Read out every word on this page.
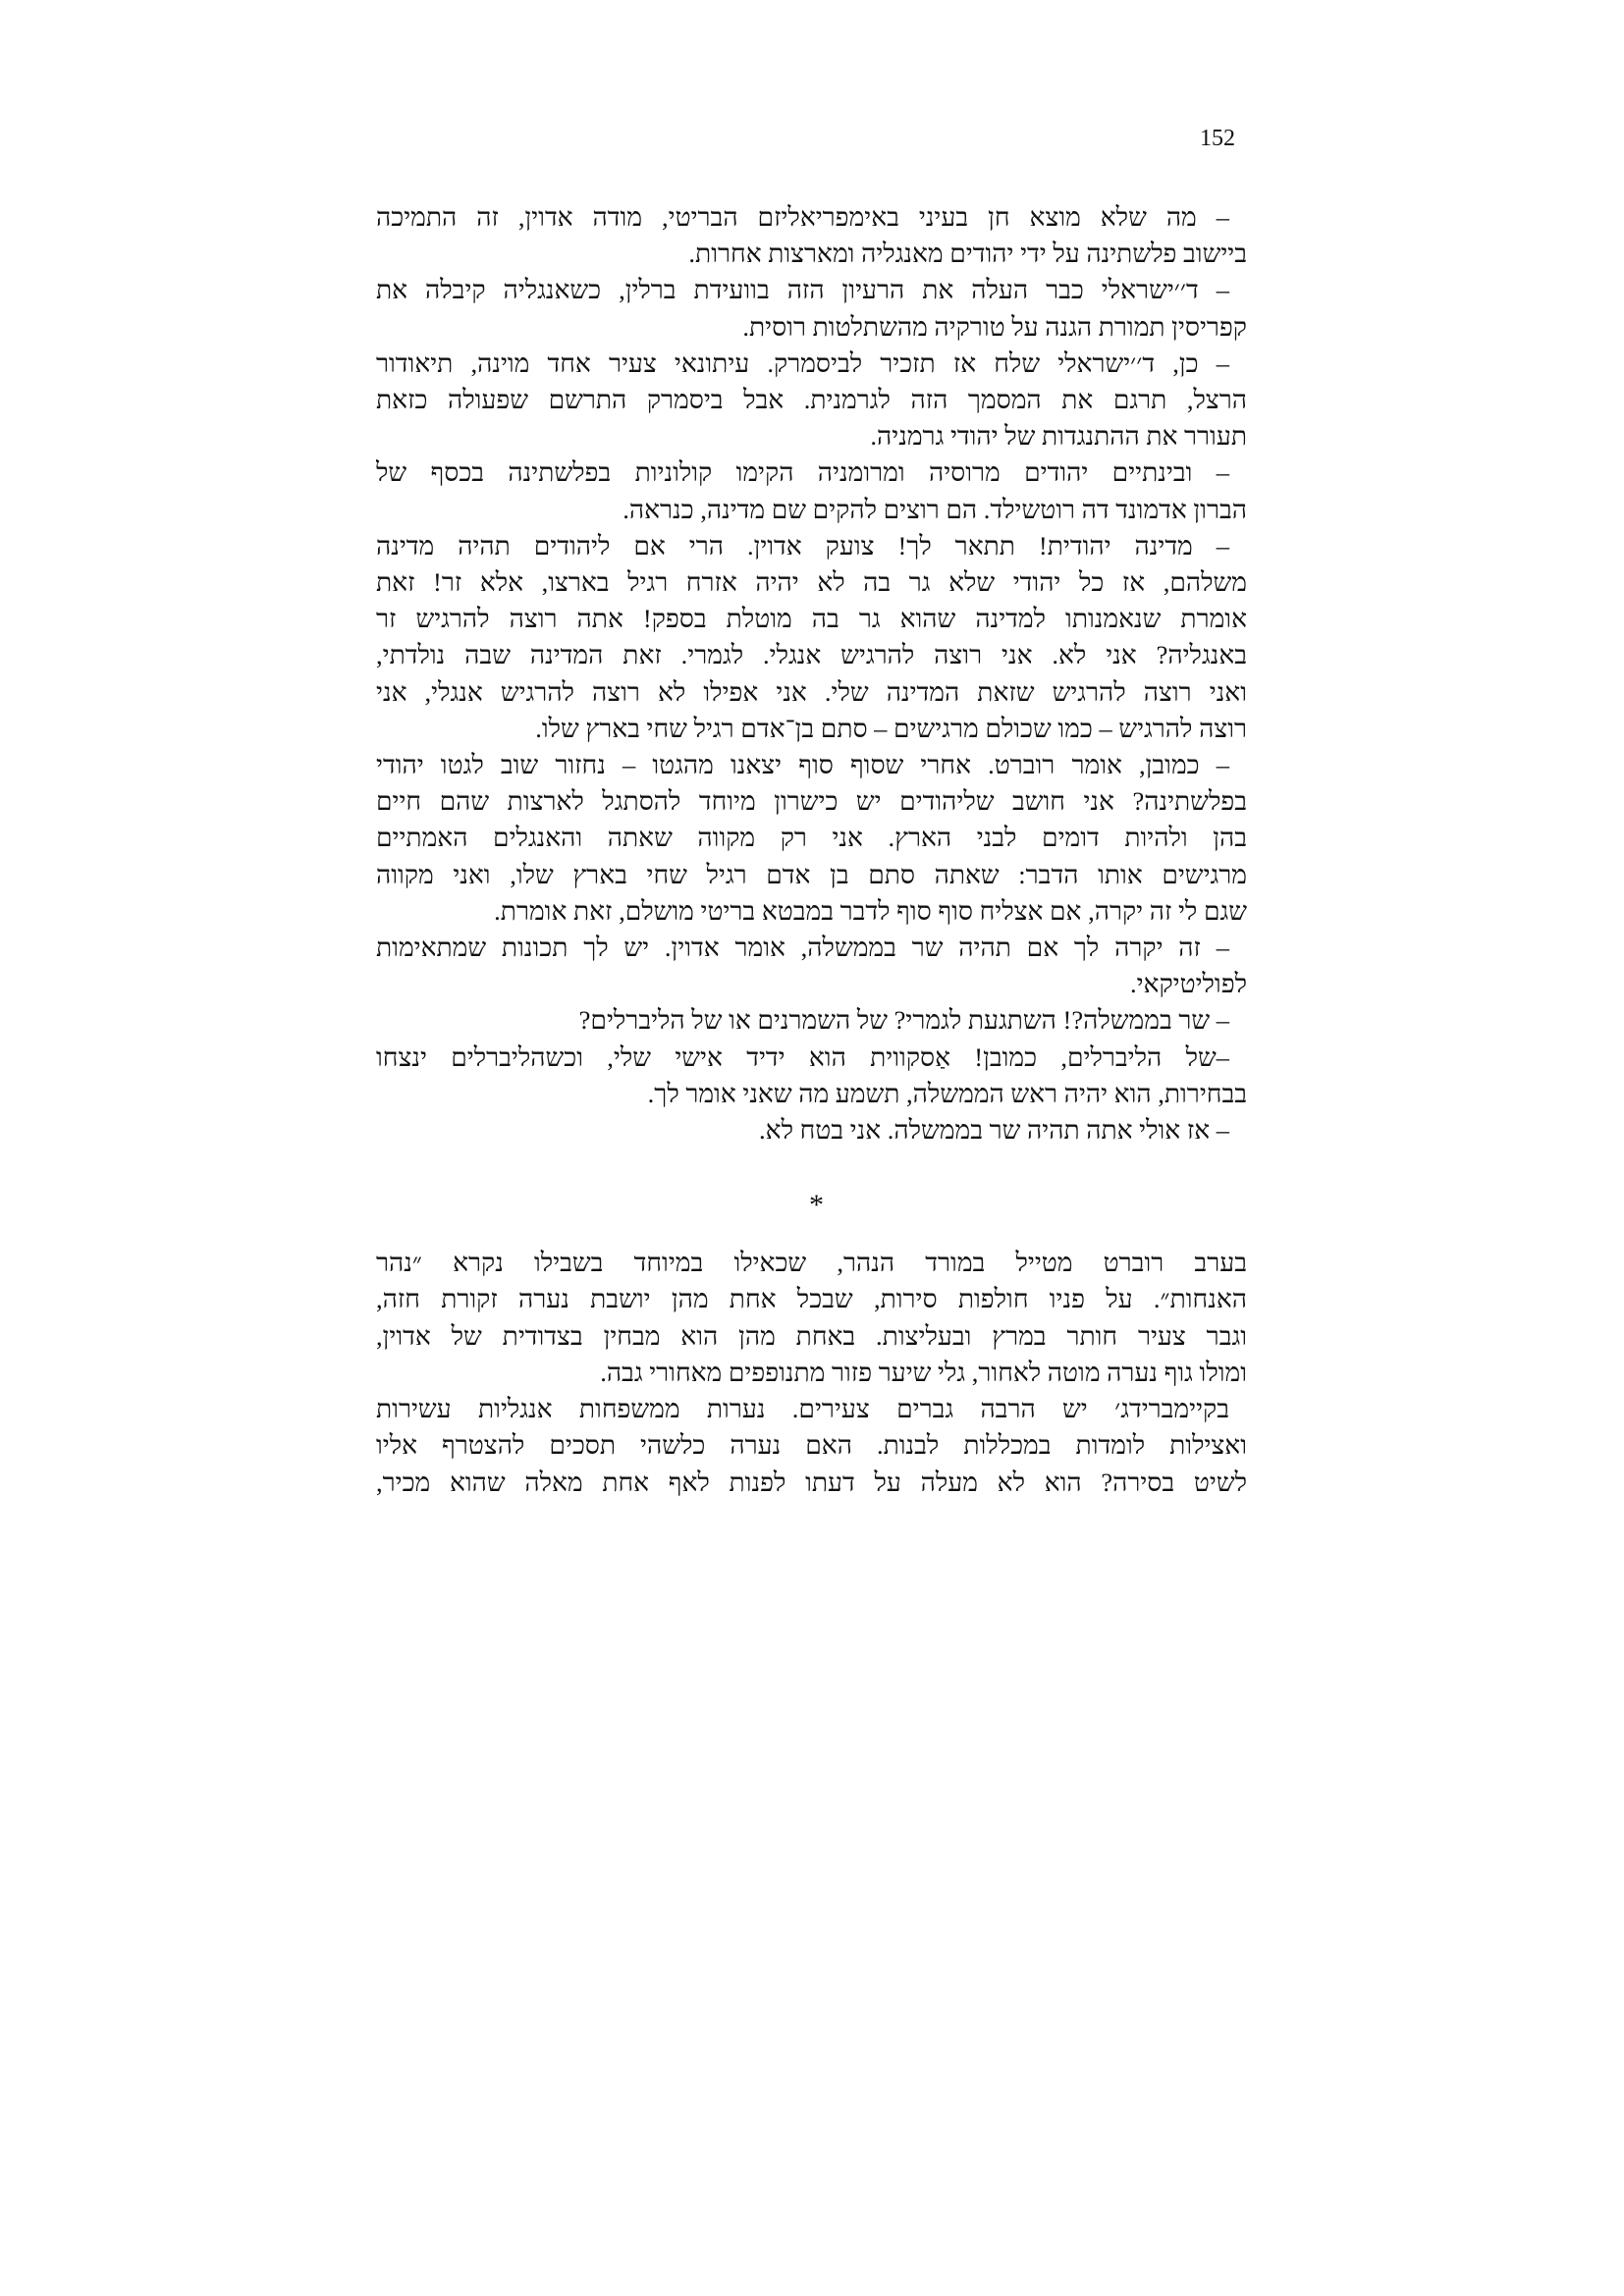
152

– מה שלא מוצא חן בעיני באימפריאליזם הבריטי, מודה אדוין, זה התמיכה
ביישוב פלשתינה על ידי יהודים מאנגליה ומארצות אחרות.

– ד׳׳ישראלי כבר העלה את הרעיון הזה בוועידת ברלין, כשאנגליה קיבלה את
קפריסין תמורת הגנה על טורקיה מהשתלטות רוסית.

– כן, ד׳׳ישראלי שלח אז תזכיר לביסמרק. עיתונאי צעיר אחד מוינה, תיאודור
הרצל, תרגם את המסמך הזה לגרמנית. אבל ביסמרק התרשם שפעולה כזאת
תעורר את ההתנגדות של יהודי גרמניה.

– ובינתיים יהודים מרוסיה ומרומניה הקימו קולוניות בפלשתינה בכסף של
הברון אדמונד דה רוטשילד. הם רוצים להקים שם מדינה, כנראה.

– מדינה יהודית! תתאר לך! צועק אדוין. הרי אם ליהודים תהיה מדינה
משלהם, אז כל יהודי שלא גר בה לא יהיה אזרח רגיל בארצו, אלא זר! זאת
אומרת שנאמנותו למדינה שהוא גר בה מוטלת בספק! אתה רוצה להרגיש זר
באנגליה? אני לא. אני רוצה להרגיש אנגלי. לגמרי. זאת המדינה שבה נולדתי,
ואני רוצה להרגיש שזאת המדינה שלי. אני אפילו לא רוצה להרגיש אנגלי, אני
רוצה להרגיש – כמו שכולם מרגישים – סתם בן־אדם רגיל שחי בארץ שלו.

– כמובן, אומר רוברט. אחרי שסוף סוף יצאנו מהגטו – נחזור שוב לגטו יהודי
בפלשתינה? אני חושב שליהודים יש כישרון מיוחד להסתגל לארצות שהם חיים
בהן ולהיות דומים לבני הארץ. אני רק מקווה שאתה והאנגלים האמתיים
מרגישים אותו הדבר: שאתה סתם בן אדם רגיל שחי בארץ שלו, ואני מקווה
שגם לי זה יקרה, אם אצליח סוף סוף לדבר במבטא בריטי מושלם, זאת אומרת.

– זה יקרה לך אם תהיה שר בממשלה, אומר אדוין. יש לך תכונות שמתאימות
לפוליטיקאי.

– שר בממשלה?! השתגעת לגמרי? של השמרנים או של הליברלים?

–של הליברלים, כמובן! אַסקווית הוא ידיד אישי שלי, וכשהליברלים ינצחו
בבחירות, הוא יהיה ראש הממשלה, תשמע מה שאני אומר לך.

– אז אולי אתה תהיה שר בממשלה. אני בטח לא.

*

בערב רוברט מטייל במורד הנהר, שכאילו במיוחד בשבילו נקרא ״נהר
האנחות״. על פניו חולפות סירות, שבכל אחת מהן יושבת נערה זקורת חזה,
וגבר צעיר חותר במרץ ובעליצות. באחת מהן הוא מבחין בצדודית של אדוין,
ומולו גוף נערה מוטה לאחור, גלי שיער פזור מתנופפים מאחורי גבה.

בקיימברידג׳ יש הרבה גברים צעירים. נערות ממשפחות אנגליות עשירות
ואצילות לומדות במכללות לבנות. האם נערה כלשהי תסכים להצטרף אליו
לשיט בסירה? הוא לא מעלה על דעתו לפנות לאף אחת מאלה שהוא מכיר,
